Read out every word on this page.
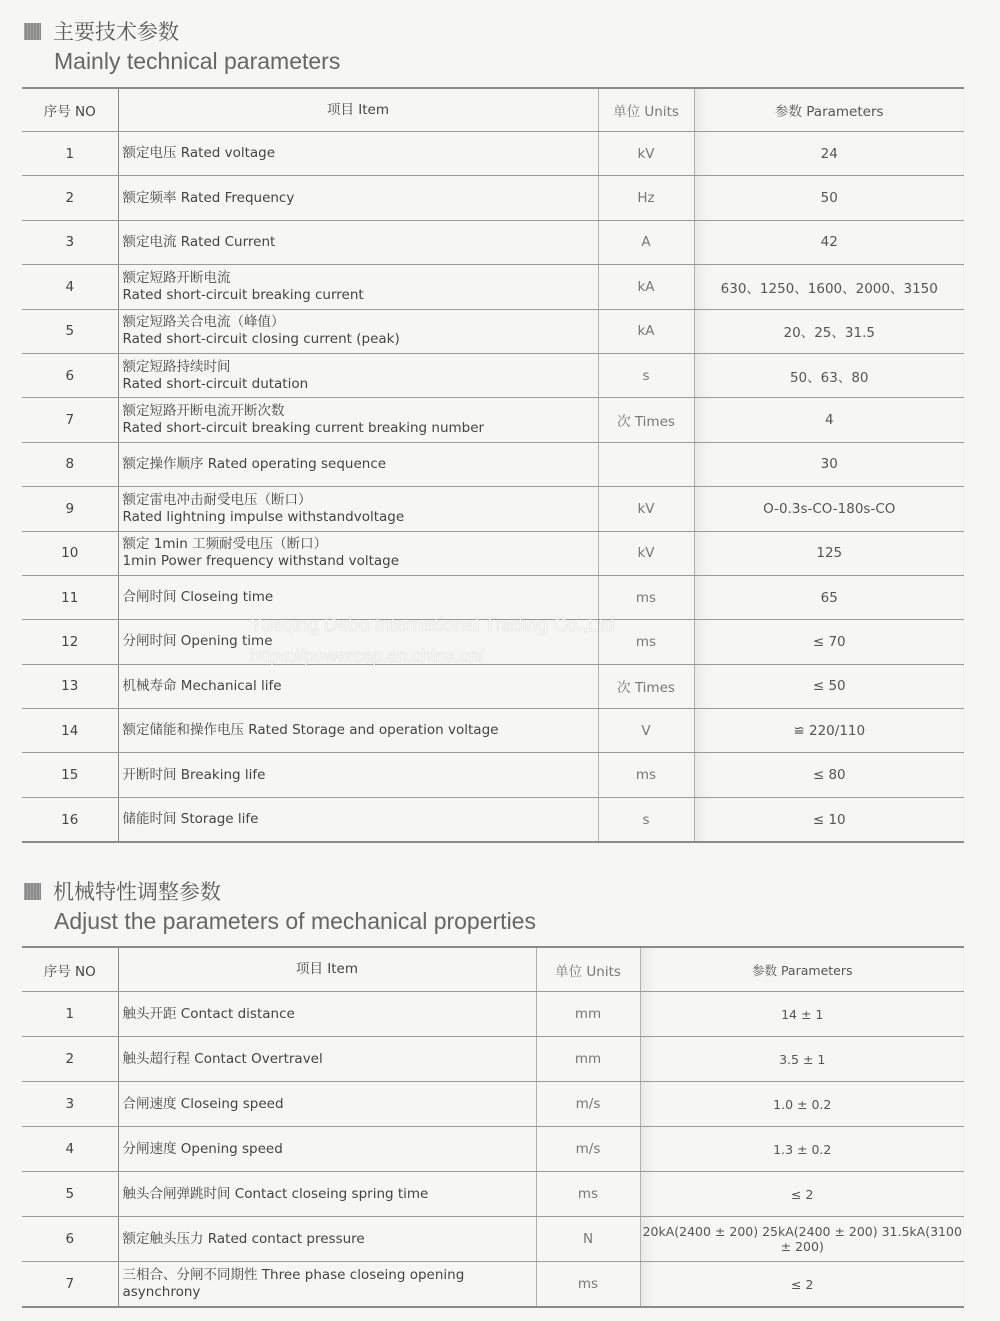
主要技术参数
Mainly technical parameters
序号 NO	项目 Item	单位 Units	参数 Parameters
1	额定电压 Rated voltage	kV	24
2	额定频率 Rated Frequency	Hz	50
3	额定电流 Rated Current	A	42
4	额定短路开断电流
Rated short-circuit breaking current	kA	630、1250、1600、2000、3150
5	额定短路关合电流（峰值）
Rated short-circuit closing current (peak)	kA	20、25、31.5
6	额定短路持续时间
Rated short-circuit dutation	s	50、63、80
7	额定短路开断电流开断次数
Rated short-circuit breaking current breaking number	次 Times	4
8	额定操作顺序 Rated operating sequence		30
9	额定雷电冲击耐受电压（断口）
Rated lightning impulse withstandvoltage	kV	O-0.3s-CO-180s-CO
10	额定 1min 工频耐受电压（断口）
1min Power frequency withstand voltage	kV	125
11	合闸时间 Closeing time	ms	65
12	分闸时间 Opening time	ms	≤ 70
13	机械寿命 Mechanical life	次 Times	≤ 50
14	额定储能和操作电压 Rated Storage and operation voltage	V	≌ 220/110
15	开断时间 Breaking life	ms	≤ 80
16	储能时间 Storage life	s	≤ 10
机械特性调整参数
Adjust the parameters of mechanical properties
序号 NO	项目 Item	单位 Units	参数 Parameters
1	触头开距 Contact distance	mm	14 ± 1
2	触头超行程 Contact Overtravel	mm	3.5 ± 1
3	合闸速度 Closeing speed	m/s	1.0 ± 0.2
4	分闸速度 Opening speed	m/s	1.3 ± 0.2
5	触头合闸弹跳时间 Contact closeing spring time	ms	≤ 2
6	额定触头压力 Rated contact pressure	N	20kA(2400 ± 200) 25kA(2400 ± 200) 31.5kA(3100 ± 200)
7	三相合、分闸不同期性 Three phase closeing opening asynchrony	ms	≤ 2
Yueqing Debo International Trading Co.,Ltd
https://powercap.en.china.cn/
